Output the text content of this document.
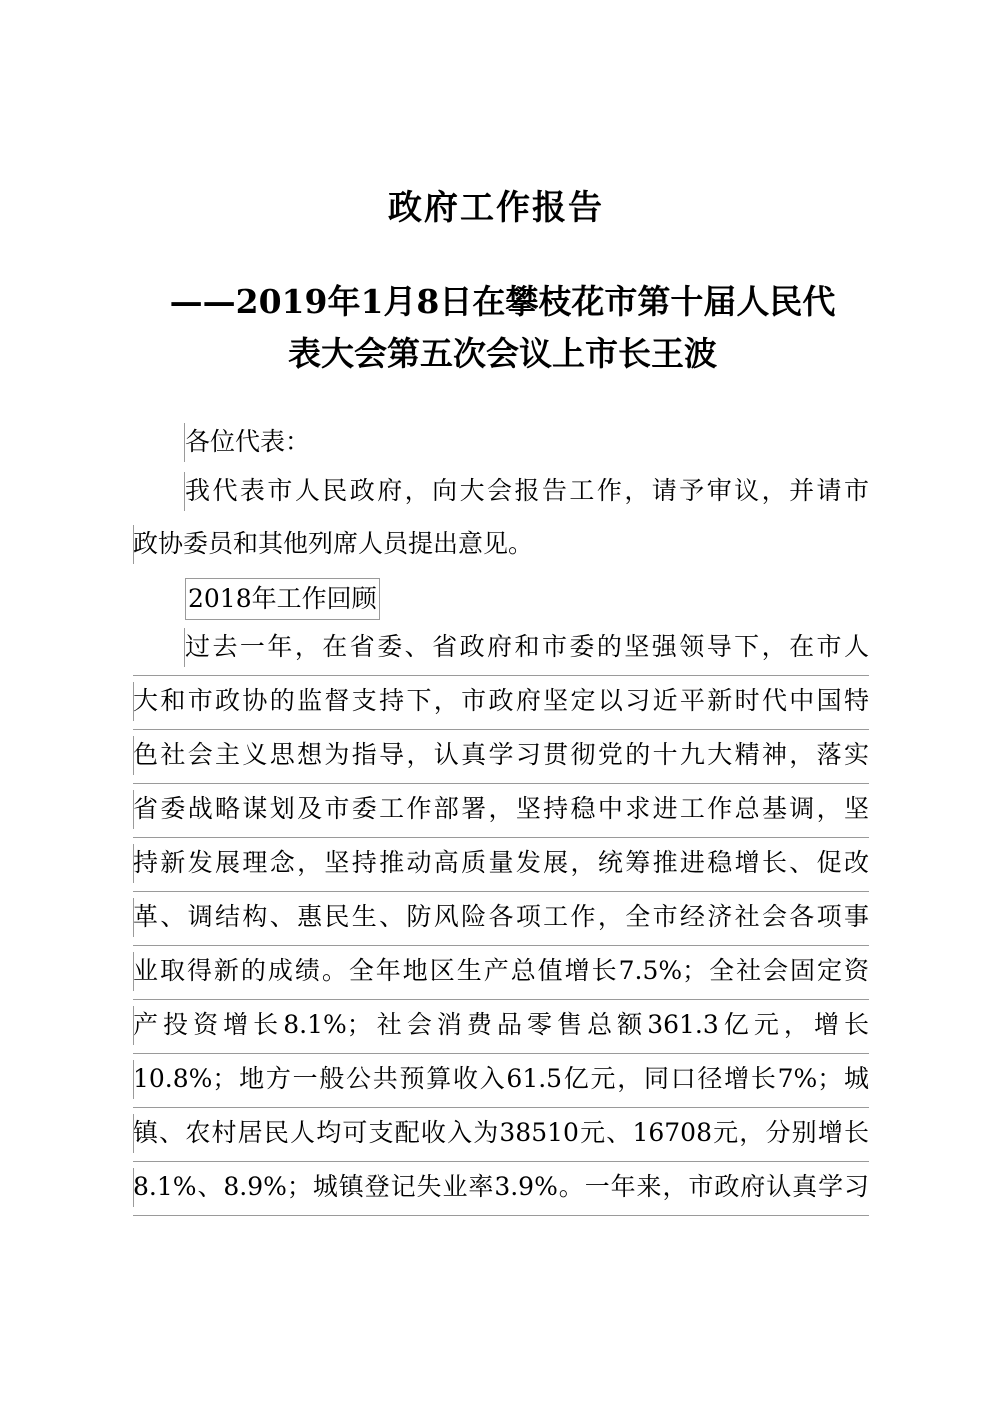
政府工作报告
——2019年1月8日在攀枝花市第十届人民代
表大会第五次会议上市长王波
各位代表：
我代表市人民政府，向大会报告工作，请予审议，并请市
政协委员和其他列席人员提出意见。
2018年工作回顾
过去一年，在省委、省政府和市委的坚强领导下，在市人
大和市政协的监督支持下，市政府坚定以习近平新时代中国特
色社会主义思想为指导，认真学习贯彻党的十九大精神，落实
省委战略谋划及市委工作部署，坚持稳中求进工作总基调，坚
持新发展理念，坚持推动高质量发展，统筹推进稳增长、促改
革、调结构、惠民生、防风险各项工作，全市经济社会各项事
业取得新的成绩。全年地区生产总值增长7.5%；全社会固定资
产投资增长8.1%；社会消费品零售总额361.3亿元，增长
10.8%；地方一般公共预算收入61.5亿元，同口径增长7%；城
镇、农村居民人均可支配收入为38510元、16708元，分别增长
8.1%、8.9%；城镇登记失业率3.9%。一年来，市政府认真学习
